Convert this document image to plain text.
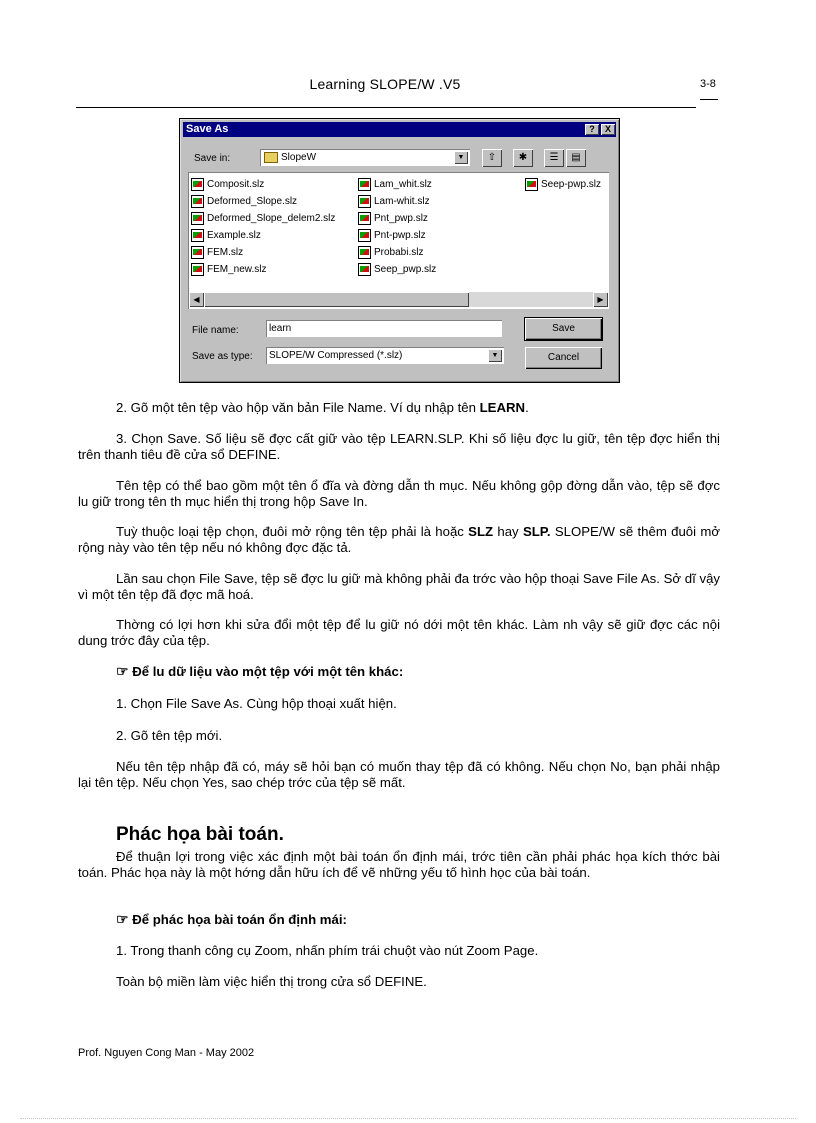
Learning SLOPE/W .V5	3-8
Save As	?	X
Save in:	SlopeW	▼	⇧	✱	☰	▤
Composit.slz
Deformed_Slope.slz
Deformed_Slope_delem2.slz
Example.slz
FEM.slz
FEM_new.slz
Lam_whit.slz
Lam-whit.slz
Pnt_pwp.slz
Pnt-pwp.slz
Probabi.slz
Seep_pwp.slz
Seep-pwp.slz
◀	▶
File name:	learn	Save
Save as type:	SLOPE/W Compressed (*.slz)	▼	Cancel
2. Gõ một tên tệp vào hộp văn bản File Name. Ví dụ nhập tên LEARN.
3. Chọn Save. Số liệu sẽ đợc cất giữ vào tệp LEARN.SLP. Khi số liệu đợc lu giữ, tên tệp đợc hiển thị trên thanh tiêu đề cửa sổ DEFINE.
Tên tệp có thể bao gồm một tên ổ đĩa và đờng dẫn th mục. Nếu không gộp đờng dẫn vào, tệp sẽ đợc lu giữ trong tên th mục hiển thị trong hộp Save In.
Tuỳ thuộc loại tệp chọn, đuôi mở rộng tên tệp phải là hoặc SLZ hay SLP. SLOPE/W sẽ thêm đuôi mở rộng này vào tên tệp nếu nó không đợc đặc tả.
Lần sau chọn File Save, tệp sẽ đợc lu giữ mà không phải đa trớc vào hộp thoại Save File As. Sở dĩ vậy vì một tên tệp đã đợc mã hoá.
Thờng có lợi hơn khi sửa đổi một tệp để lu giữ nó dới một tên khác. Làm nh vậy sẽ giữ đợc các nội dung trớc đây của tệp.
☞ Để lu dữ liệu vào một tệp với một tên khác:
1. Chọn File Save As. Cùng hộp thoại xuất hiện.
2. Gõ tên tệp mới.
Nếu tên tệp nhập đã có, máy sẽ hỏi bạn có muốn thay tệp đã có không. Nếu chọn No, bạn phải nhập lại tên tệp. Nếu chọn Yes, sao chép trớc của tệp sẽ mất.
Phác họa bài toán.
Để thuận lợi trong việc xác định một bài toán ổn định mái, trớc tiên cần phải phác họa kích thớc bài toán. Phác họa này là một hớng dẫn hữu ích để vẽ những yếu tố hình học của bài toán.
☞ Để phác họa bài toán ổn định mái:
1. Trong thanh công cụ Zoom, nhấn phím trái chuột vào nút Zoom Page.
Toàn bộ miền làm việc hiển thị trong cửa sổ DEFINE.
Prof. Nguyen Cong Man - May 2002
